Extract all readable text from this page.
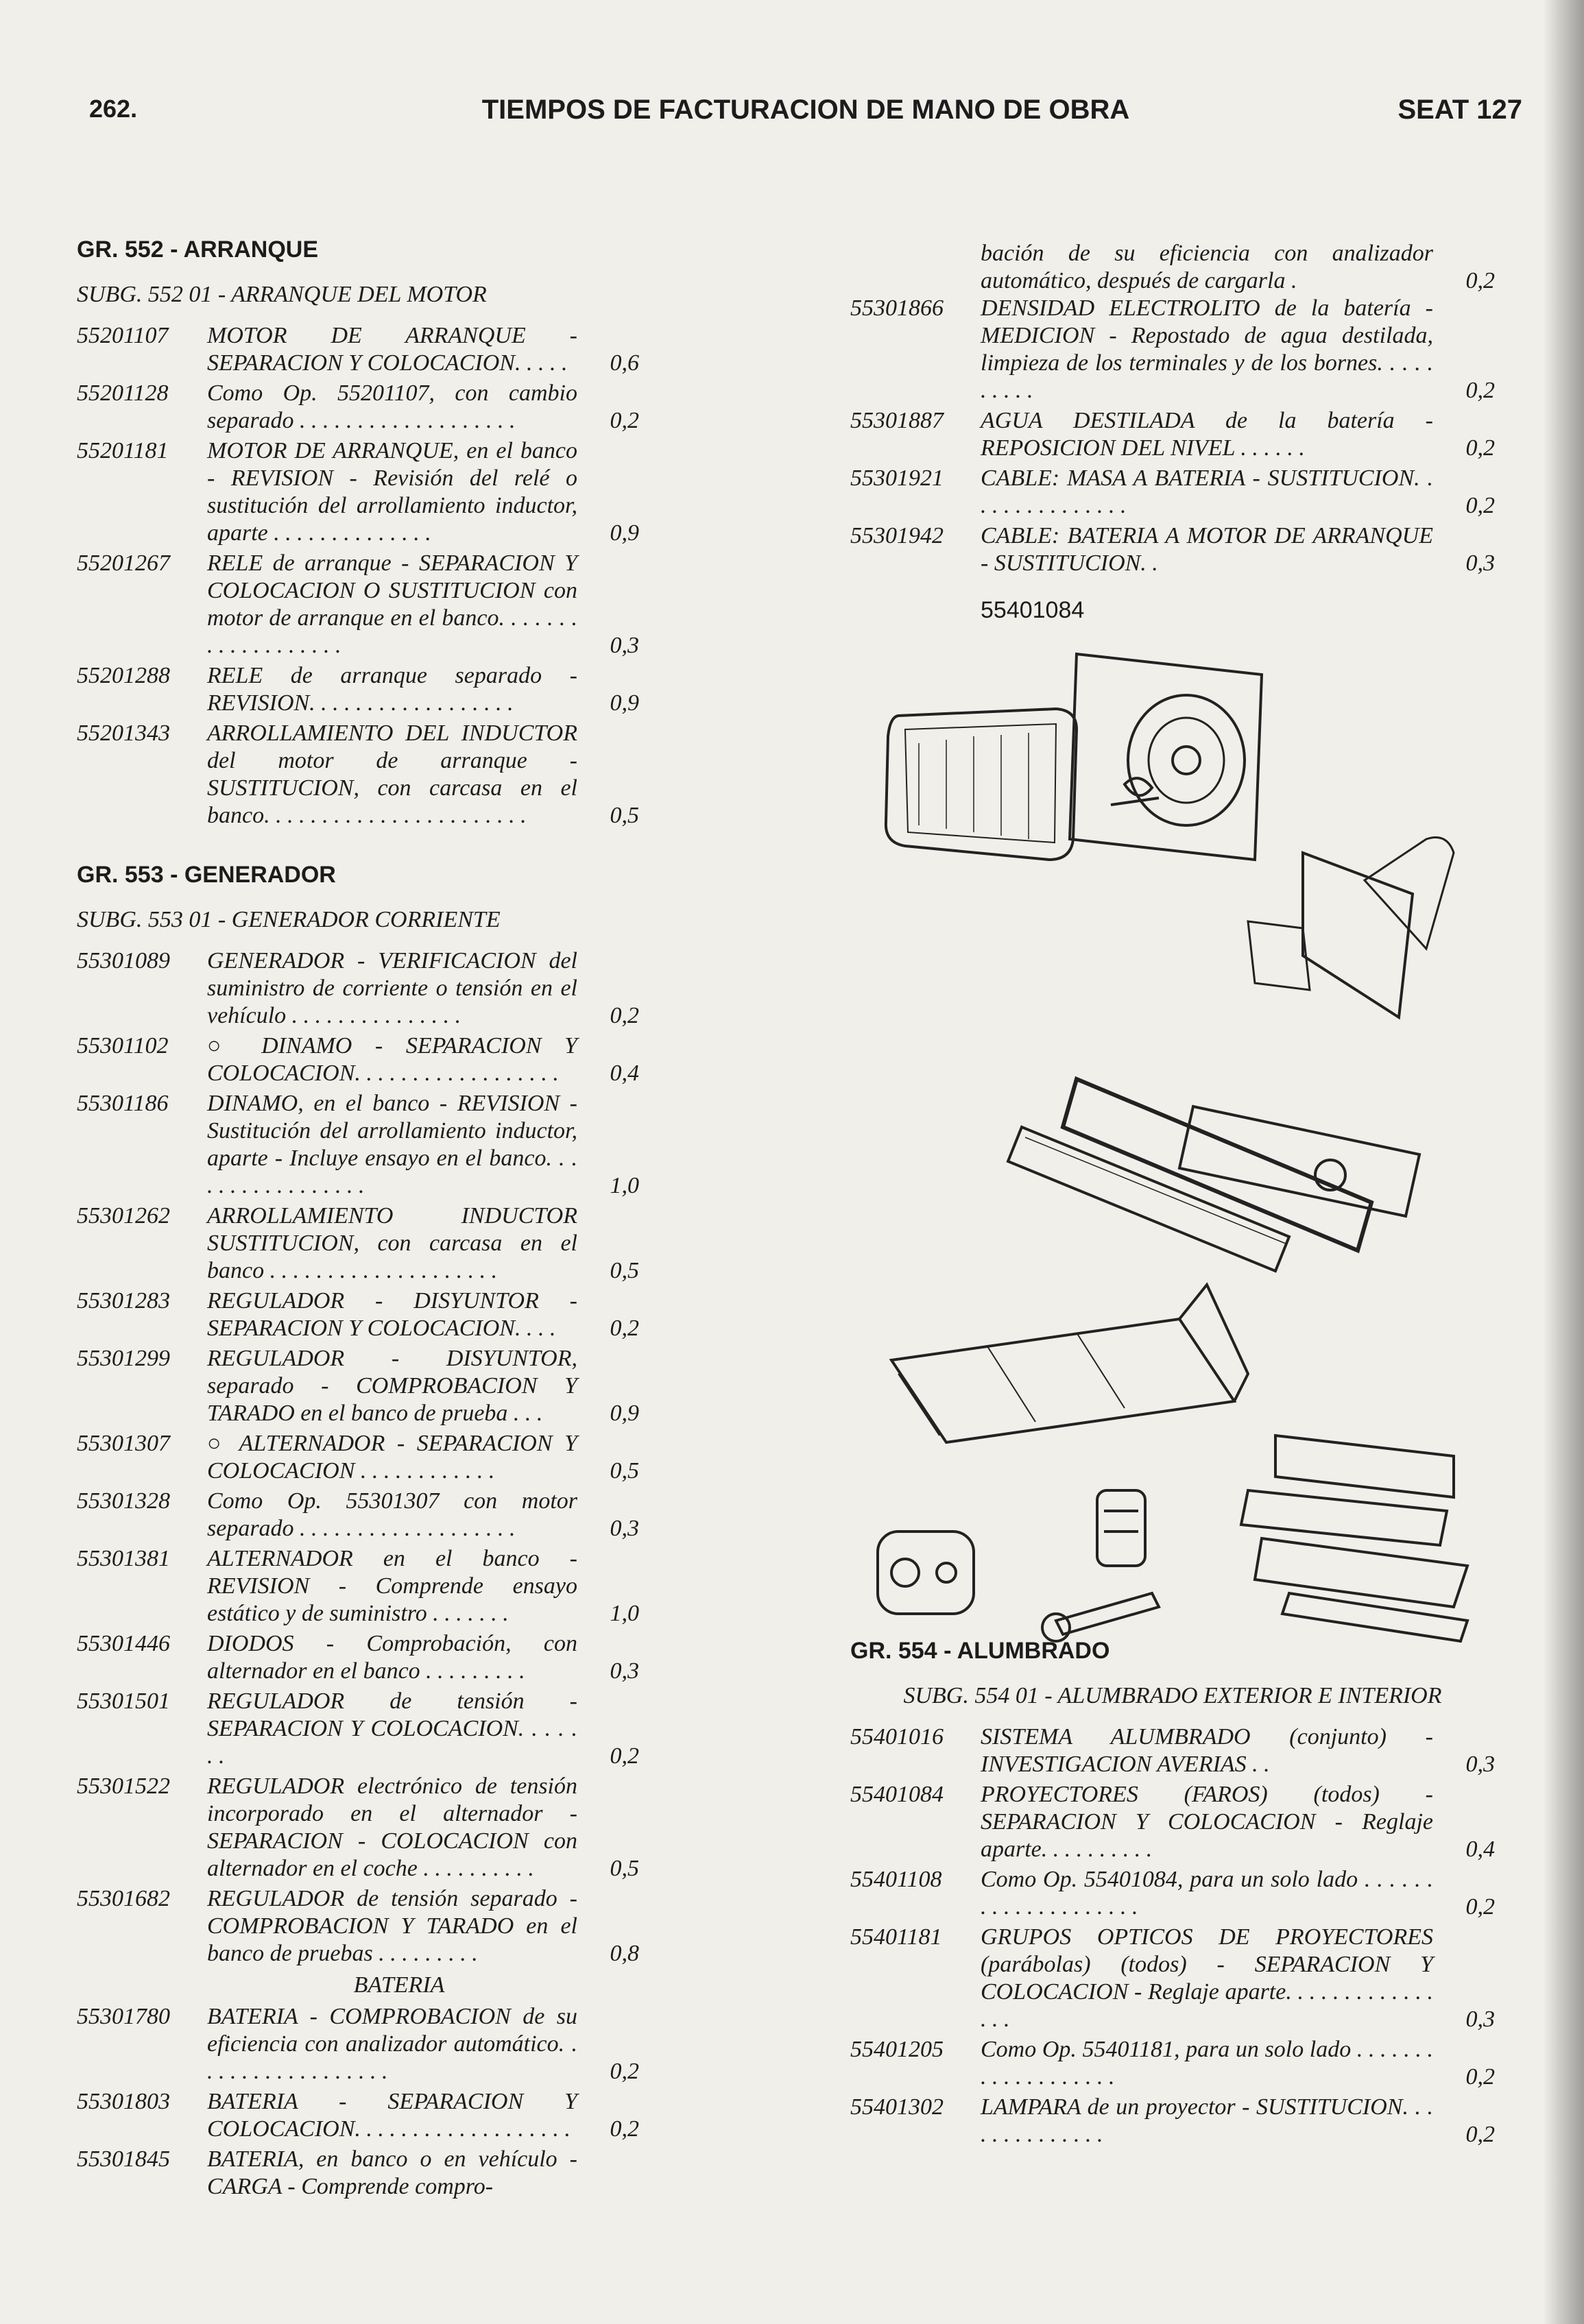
262.	TIEMPOS DE FACTURACION DE MANO DE OBRA	SEAT 127
GR. 552 - ARRANQUE
SUBG. 552 01 - ARRANQUE DEL MOTOR
55201107	MOTOR DE ARRANQUE - SEPARACION Y COLOCACION. . . . .	0,6
55201128	Como Op. 55201107, con cambio separado . . . . . . . . . . . . . . . . . . .	0,2
55201181	MOTOR DE ARRANQUE, en el banco - REVISION - Revisión del relé o sustitución del arrollamiento inductor, aparte . . . . . . . . . . . . . .	0,9
55201267	RELE de arranque - SEPARACION Y COLOCACION O SUSTITUCION con motor de arranque en el banco. . . . . . . . . . . . . . . . . . .	0,3
55201288	RELE de arranque separado - REVISION. . . . . . . . . . . . . . . . . .	0,9
55201343	ARROLLAMIENTO DEL INDUCTOR del motor de arranque - SUSTITUCION, con carcasa en el banco. . . . . . . . . . . . . . . . . . . . . . .	0,5
GR. 553 - GENERADOR
SUBG. 553 01 - GENERADOR CORRIENTE
55301089	GENERADOR - VERIFICACION del suministro de corriente o tensión en el vehículo . . . . . . . . . . . . . . .	0,2
55301102	○ DINAMO - SEPARACION Y COLOCACION. . . . . . . . . . . . . . . . . .	0,4
55301186	DINAMO, en el banco - REVISION - Sustitución del arrollamiento inductor, aparte - Incluye ensayo en el banco. . . . . . . . . . . . . . . . .	1,0
55301262	ARROLLAMIENTO INDUCTOR SUSTITUCION, con carcasa en el banco . . . . . . . . . . . . . . . . . . . .	0,5
55301283	REGULADOR - DISYUNTOR - SEPARACION Y COLOCACION. . . .	0,2
55301299	REGULADOR - DISYUNTOR, separado - COMPROBACION Y TARADO en el banco de prueba . . .	0,9
55301307	○ ALTERNADOR - SEPARACION Y COLOCACION . . . . . . . . . . . .	0,5
55301328	Como Op. 55301307 con motor separado . . . . . . . . . . . . . . . . . . .	0,3
55301381	ALTERNADOR en el banco - REVISION - Comprende ensayo estático y de suministro . . . . . . .	1,0
55301446	DIODOS - Comprobación, con alternador en el banco . . . . . . . . .	0,3
55301501	REGULADOR de tensión - SEPARACION Y COLOCACION. . . . . . .	0,2
55301522	REGULADOR electrónico de tensión incorporado en el alternador - SEPARACION - COLOCACION con alternador en el coche . . . . . . . . . .	0,5
55301682	REGULADOR de tensión separado - COMPROBACION Y TARADO en el banco de pruebas . . . . . . . . .	0,8
BATERIA
55301780	BATERIA - COMPROBACION de su eficiencia con analizador automático. . . . . . . . . . . . . . . . . .	0,2
55301803	BATERIA - SEPARACION Y COLOCACION. . . . . . . . . . . . . . . . . . .	0,2
55301845	BATERIA, en banco o en vehículo - CARGA - Comprende compro-
bación de su eficiencia con analizador automático, después de cargarla .	0,2
55301866	DENSIDAD ELECTROLITO de la batería - MEDICION - Repostado de agua destilada, limpieza de los terminales y de los bornes. . . . . . . . . .	0,2
55301887	AGUA DESTILADA de la batería - REPOSICION DEL NIVEL . . . . . .	0,2
55301921	CABLE: MASA A BATERIA - SUSTITUCION. . . . . . . . . . . . . . .	0,2
55301942	CABLE: BATERIA A MOTOR DE ARRANQUE - SUSTITUCION. .	0,3
55401084
GR. 554 - ALUMBRADO
SUBG. 554 01 - ALUMBRADO EXTERIOR E INTERIOR
55401016	SISTEMA ALUMBRADO (conjunto) - INVESTIGACION AVERIAS . .	0,3
55401084	PROYECTORES (FAROS) (todos) - SEPARACION Y COLOCACION - Reglaje aparte. . . . . . . . . .	0,4
55401108	Como Op. 55401084, para un solo lado . . . . . . . . . . . . . . . . . . . .	0,2
55401181	GRUPOS OPTICOS DE PROYECTORES (parábolas) (todos) - SEPARACION Y COLOCACION - Reglaje aparte. . . . . . . . . . . . . . . .	0,3
55401205	Como Op. 55401181, para un solo lado . . . . . . . . . . . . . . . . . . .	0,2
55401302	LAMPARA de un proyector - SUSTITUCION. . . . . . . . . . . . . .	0,2
